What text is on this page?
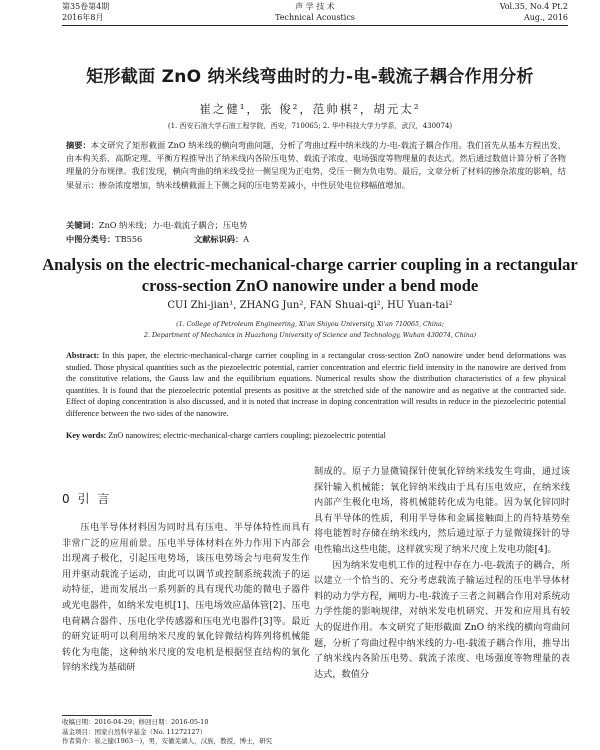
第35卷第4期
2016年8月
声 学 技 术
Technical Acoustics
Vol.35, No.4 Pt.2
Aug., 2016
矩形截面 ZnO 纳米线弯曲时的力-电-载流子耦合作用分析
崔之健¹，张 俊²，范帅棋²，胡元太²
(1. 西安石油大学石油工程学院，西安，710065; 2. 华中科技大学力学系，武汉，430074)
摘要：本文研究了矩形截面 ZnO 纳米线的横向弯曲问题，分析了弯曲过程中纳米线的力-电-载流子耦合作用。我们首先从基本方程出发，由本构关系、高斯定理、平衡方程推导出了纳米线内各阶压电势、载流子浓度、电场强度等物理量的表达式。然后通过数值计算分析了各物理量的分布规律。我们发现，横向弯曲的纳米线受拉一侧呈现为正电势，受压一侧为负电势。最后，文章分析了材料的掺杂浓度的影响，结果显示：掺杂浓度增加，纳米线横截面上下侧之间的压电势差减小，中性层处电位移幅值增加。
关键词：ZnO 纳米线；力-电-载流子耦合；压电势
中图分类号：TB556	文献标识码：A
Analysis on the electric-mechanical-charge carrier coupling in a rectangular cross-section ZnO nanowire under a bend mode
CUI Zhi-jian¹, ZHANG Jun², FAN Shuai-qi², HU Yuan-tai²
(1. College of Petroleum Engineering, Xi'an Shiyou University, Xi'an 710065, China;
2. Department of Mechanics in Huazhong University of Science and Technology, Wuhan 430074, China)
Abstract: In this paper, the electric-mechanical-charge carrier coupling in a rectangular cross-section ZnO nanowire under bend deformations was studied. Those physical quantities such as the piezoelectric potential, carrier concentration and electric field intensity in the nanowire are derived from the constitutive relations, the Gauss law and the equilibrium equations. Numerical results show the distribution characteristics of a few physical quantities. It is found that the piezoelectric potential presents as positive at the stretched side of the nanowire and as negative at the contracted side. Effect of doping concentration is also discussed, and it is noted that increase in doping concentration will results in reduce in the piezoelectric potential difference between the two sides of the nanowire.
Key words: ZnO nanowires; electric-mechanical-charge carriers coupling; piezoelectric potential
0 引 言
压电半导体材料因为同时具有压电、半导体特性而具有非常广泛的应用前景。压电半导体材料在外力作用下内部会出现离子极化，引起压电势场，该压电势场会与电荷发生作用并驱动载流子运动，由此可以调节或控制系统载流子的运动特征，进而发展出一系列新的具有现代功能的微电子器件或光电器件，如纳米发电机[1]、压电场效应晶体管[2]、压电电荷耦合器件、压电化学传感器和压电光电器件[3]等。最近的研究证明可以利用纳米尺度的氧化锌微结构阵列将机械能转化为电能，这种纳米尺度的发电机是根据竖直结构的氧化锌纳米线为基础研
制成的。原子力显微镜探针使氧化锌纳米线发生弯曲，通过该探针输入机械能；氧化锌纳米线由于具有压电效应，在纳米线内部产生极化电场，将机械能转化成为电能。因为氧化锌同时具有半导体的性质，利用半导体和金属接触面上的肖特基势垒将电能暂时存储在纳米线内，然后通过原子力显微镜探针的导电性输出这些电能，这样就实现了纳米尺度上发电功能[4]。
因为纳米发电机工作的过程中存在力-电-载流子的耦合，所以建立一个恰当的、充分考虑载流子输运过程的压电半导体材料的动力学方程，阐明力-电-载流子三者之间耦合作用对系统动力学性能的影响规律，对纳米发电机研究、开发和应用具有较大的促进作用。本文研究了矩形截面 ZnO 纳米线的横向弯曲问题，分析了弯曲过程中纳米线的力-电-载流子耦合作用，推导出了纳米线内各阶压电势、载流子浓度、电场强度等物理量的表达式，数值分
收稿日期：2016-04-29；修回日期：2016-05-10
基金项目：国家自然科学基金（No. 11272127）
作者简介：崔之健(1963－)，男，安徽芜湖人，汉族，教授，博士，研究
